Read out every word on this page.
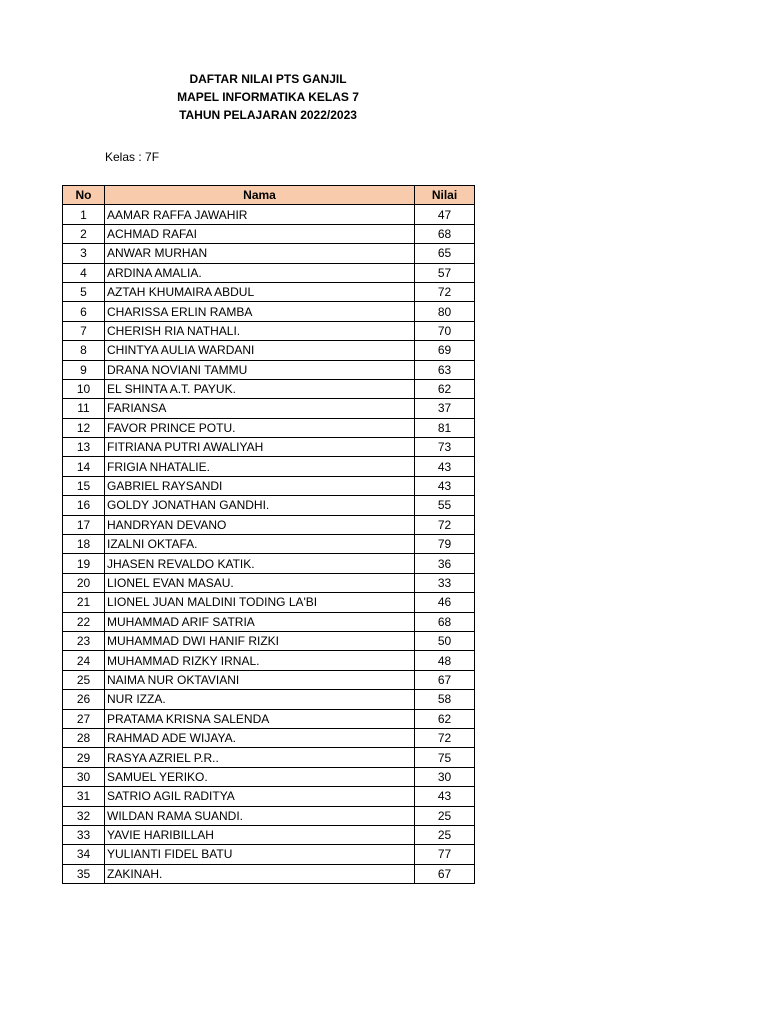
DAFTAR NILAI PTS GANJIL
MAPEL INFORMATIKA KELAS 7
TAHUN PELAJARAN 2022/2023
Kelas : 7F
No	Nama	Nilai
1	AAMAR RAFFA JAWAHIR	47
2	ACHMAD RAFAI	68
3	ANWAR MURHAN	65
4	ARDINA AMALIA.	57
5	AZTAH KHUMAIRA ABDUL	72
6	CHARISSA ERLIN RAMBA	80
7	CHERISH RIA NATHALI.	70
8	CHINTYA AULIA WARDANI	69
9	DRANA NOVIANI TAMMU	63
10	EL SHINTA A.T. PAYUK.	62
11	FARIANSA	37
12	FAVOR PRINCE POTU.	81
13	FITRIANA PUTRI AWALIYAH	73
14	FRIGIA NHATALIE.	43
15	GABRIEL RAYSANDI	43
16	GOLDY JONATHAN GANDHI.	55
17	HANDRYAN DEVANO	72
18	IZALNI OKTAFA.	79
19	JHASEN REVALDO KATIK.	36
20	LIONEL EVAN MASAU.	33
21	LIONEL JUAN MALDINI TODING LA'BI	46
22	MUHAMMAD ARIF SATRIA	68
23	MUHAMMAD DWI HANIF RIZKI	50
24	MUHAMMAD RIZKY IRNAL.	48
25	NAIMA NUR OKTAVIANI	67
26	NUR IZZA.	58
27	PRATAMA KRISNA SALENDA	62
28	RAHMAD ADE WIJAYA.	72
29	RASYA AZRIEL P.R..	75
30	SAMUEL YERIKO.	30
31	SATRIO AGIL RADITYA	43
32	WILDAN RAMA SUANDI.	25
33	YAVIE HARIBILLAH	25
34	YULIANTI FIDEL BATU	77
35	ZAKINAH.	67
